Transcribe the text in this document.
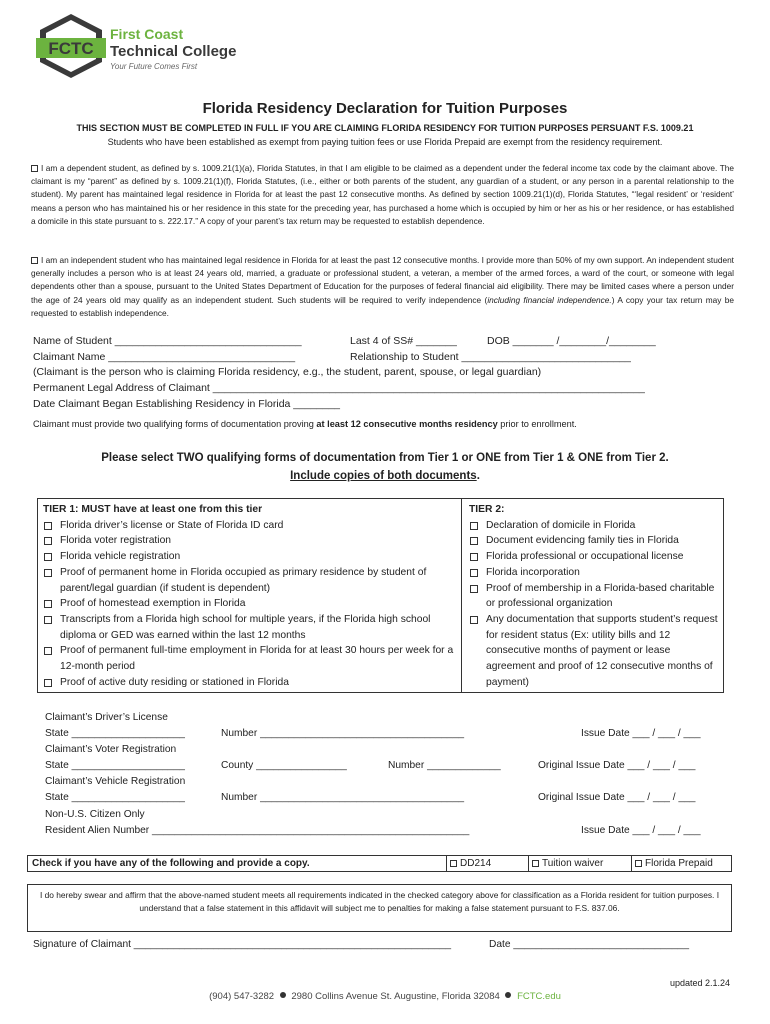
FCTC
First Coast
Technical College
Your Future Comes First
Florida Residency Declaration for Tuition Purposes
THIS SECTION MUST BE COMPLETED IN FULL IF YOU ARE CLAIMING FLORIDA RESIDENCY FOR TUITION PURPOSES PERSUANT F.S. 1009.21
Students who have been established as exempt from paying tuition fees or use Florida Prepaid are exempt from the residency requirement.
I am a dependent student, as defined by s. 1009.21(1)(a), Florida Statutes, in that I am eligible to be claimed as a dependent under the federal income tax code by the claimant above. The claimant is my “parent” as defined by s. 1009.21(1)(f), Florida Statutes, (i.e., either or both parents of the student, any guardian of a student, or any person in a parental relationship to the student). My parent has maintained legal residence in Florida for at least the past 12 consecutive months. As defined by section 1009.21(1)(d), Florida Statutes, “‘legal resident’ or ‘resident’ means a person who has maintained his or her residence in this state for the preceding year, has purchased a home which is occupied by him or her as his or her residence, or has established a domicile in this state pursuant to s. 222.17.” A copy of your parent’s tax return may be requested to establish dependence.
I am an independent student who has maintained legal residence in Florida for at least the past 12 consecutive months. I provide more than 50% of my own support. An independent student generally includes a person who is at least 24 years old, married, a graduate or professional student, a veteran, a member of the armed forces, a ward of the court, or someone with legal dependents other than a spouse, pursuant to the United States Department of Education for the purposes of federal financial aid eligibility. There may be limited cases where a person under the age of 24 years old may qualify as an independent student. Such students will be required to verify independence (including financial independence.) A copy your tax return may be requested to establish independence.
Name of Student ________________________________	Last 4 of SS# _______	DOB _______ /________/________
Claimant Name ________________________________	Relationship to Student _____________________________
(Claimant is the person who is claiming Florida residency, e.g., the student, parent, spouse, or legal guardian)
Permanent Legal Address of Claimant __________________________________________________________________________
Date Claimant Began Establishing Residency in Florida ________
Claimant must provide two qualifying forms of documentation proving at least 12 consecutive months residency prior to enrollment.
Please select TWO qualifying forms of documentation from Tier 1 or ONE from Tier 1 & ONE from Tier 2.
Include copies of both documents.
TIER 1: MUST have at least one from this tier
Florida driver’s license or State of Florida ID card
Florida voter registration
Florida vehicle registration
Proof of permanent home in Florida occupied as primary residence by student of parent/legal guardian (if student is dependent)
Proof of homestead exemption in Florida
Transcripts from a Florida high school for multiple years, if the Florida high school diploma or GED was earned within the last 12 months
Proof of permanent full-time employment in Florida for at least 30 hours per week for a 12-month period
Proof of active duty residing or stationed in Florida
TIER 2:
Declaration of domicile in Florida
Document evidencing family ties in Florida
Florida professional or occupational license
Florida incorporation
Proof of membership in a Florida-based charitable or professional organization
Any documentation that supports student’s request for resident status (Ex: utility bills and 12 consecutive months of payment or lease agreement and proof of 12 consecutive months of payment)
Claimant’s Driver’s License
State ____________________	Number ____________________________________	Issue Date ___ / ___ / ___
Claimant’s Voter Registration
State ____________________	County ________________	Number _____________	Original Issue Date ___ / ___ / ___
Claimant’s Vehicle Registration
State ____________________	Number ____________________________________	Original Issue Date ___ / ___ / ___
Non-U.S. Citizen Only
Resident Alien Number ________________________________________________________	Issue Date ___ / ___ / ___
Check if you have any of the following and provide a copy.	DD214	Tuition waiver	Florida Prepaid
I do hereby swear and affirm that the above-named student meets all requirements indicated in the checked category above for classification as a Florida resident for tuition purposes. I understand that a false statement in this affidavit will subject me to penalties for making a false statement pursuant to F.S. 837.06.
Signature of Claimant ________________________________________________________	Date _______________________________
updated 2.1.24
(904) 547-3282 2980 Collins Avenue St. Augustine, Florida 32084 FCTC.edu
